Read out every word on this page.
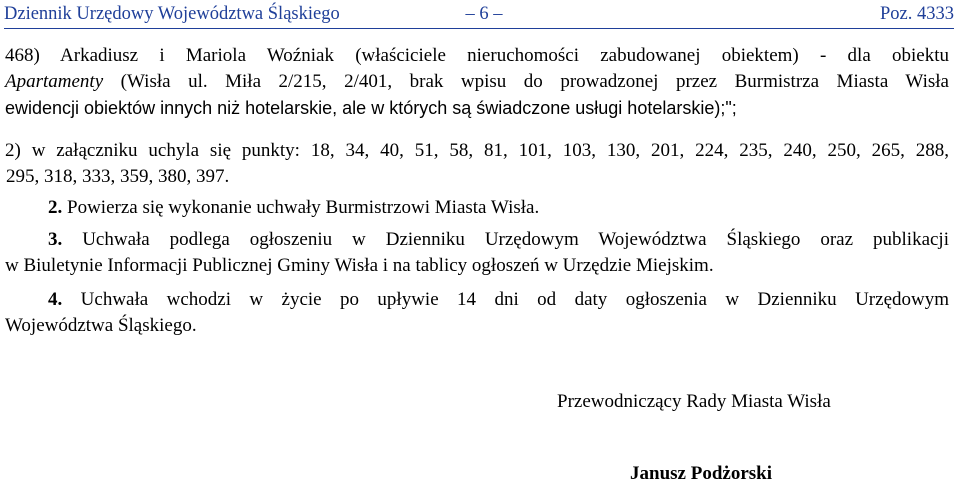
Dziennik Urzędowy Województwa Śląskiego	– 6 –	Poz. 4333
468) Arkadiusz i Mariola Woźniak (właściciele nieruchomości zabudowanej obiektem) - dla obiektu
Apartamenty (Wisła ul. Miła 2/215, 2/401, brak wpisu do prowadzonej przez Burmistrza Miasta Wisła
ewidencji obiektów innych niż hotelarskie, ale w których są świadczone usługi hotelarskie);";
2) w załączniku uchyla się punkty: 18, 34, 40, 51, 58, 81, 101, 103, 130, 201, 224, 235, 240, 250, 265, 288,
295, 318, 333, 359, 380, 397.
2. Powierza się wykonanie uchwały Burmistrzowi Miasta Wisła.
3. Uchwała podlega ogłoszeniu w Dzienniku Urzędowym Województwa Śląskiego oraz publikacji
w Biuletynie Informacji Publicznej Gminy Wisła i na tablicy ogłoszeń w Urzędzie Miejskim.
4. Uchwała wchodzi w życie po upływie 14 dni od daty ogłoszenia w Dzienniku Urzędowym
Województwa Śląskiego.
Przewodniczący Rady Miasta Wisła
Janusz Podżorski
